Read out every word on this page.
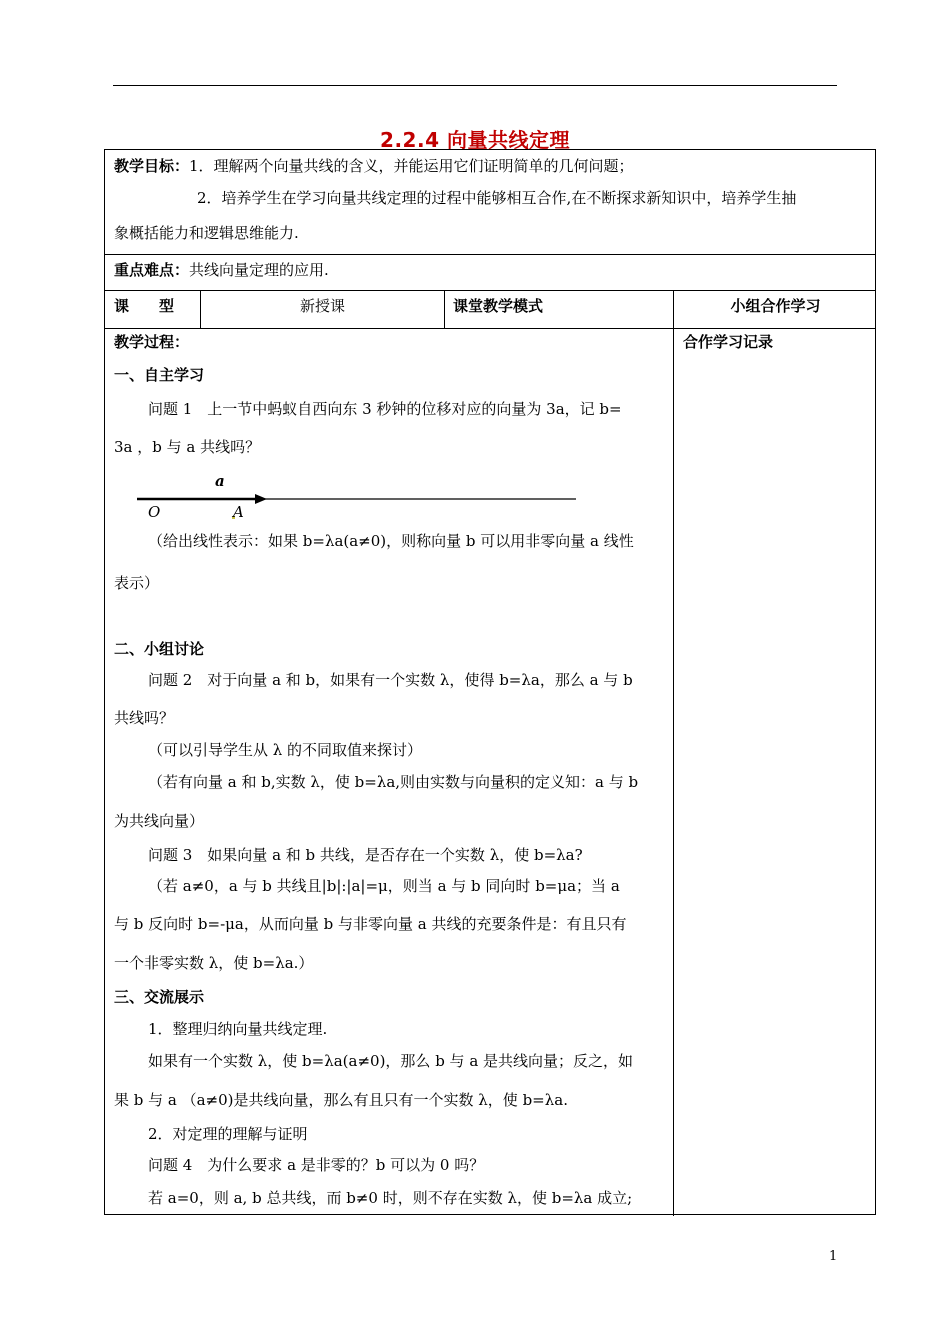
2.2.4 向量共线定理
教学目标：1．理解两个向量共线的含义，并能运用它们证明简单的几何问题；
2．培养学生在学习向量共线定理的过程中能够相互合作,在不断探求新知识中，培养学生抽
象概括能力和逻辑思维能力.
重点难点：共线向量定理的应用.
课　　型	新授课	课堂教学模式	小组合作学习
教学过程：	合作学习记录
一、自主学习
问题 1　上一节中蚂蚁自西向东 3 秒钟的位移对应的向量为 3a，记 b=
3a ，b 与 a 共线吗？
a
O	A
（给出线性表示：如果 b=λa(a≠0)，则称向量 b 可以用非零向量 a 线性
表示）
二、小组讨论
问题 2　对于向量 a 和 b，如果有一个实数 λ，使得 b=λa，那么 a 与 b
共线吗？
（可以引导学生从 λ 的不同取值来探讨）
（若有向量 a 和 b,实数 λ，使 b=λa,则由实数与向量积的定义知：a 与 b
为共线向量）
问题 3　如果向量 a 和 b 共线，是否存在一个实数 λ，使 b=λa?
（若 a≠0，a 与 b 共线且|b|:|a|=μ，则当 a 与 b 同向时 b=μa；当 a
与 b 反向时 b=-μa，从而向量 b 与非零向量 a 共线的充要条件是：有且只有
一个非零实数 λ，使 b=λa.）
三、交流展示
1．整理归纳向量共线定理.
如果有一个实数 λ，使 b=λa(a≠0)，那么 b 与 a 是共线向量；反之，如
果 b 与 a （a≠0)是共线向量，那么有且只有一个实数 λ，使 b=λa.
2．对定理的理解与证明
问题 4　为什么要求 a 是非零的？b 可以为 0 吗？
若 a=0，则 a, b 总共线，而 b≠0 时，则不存在实数 λ，使 b=λa 成立;
1
